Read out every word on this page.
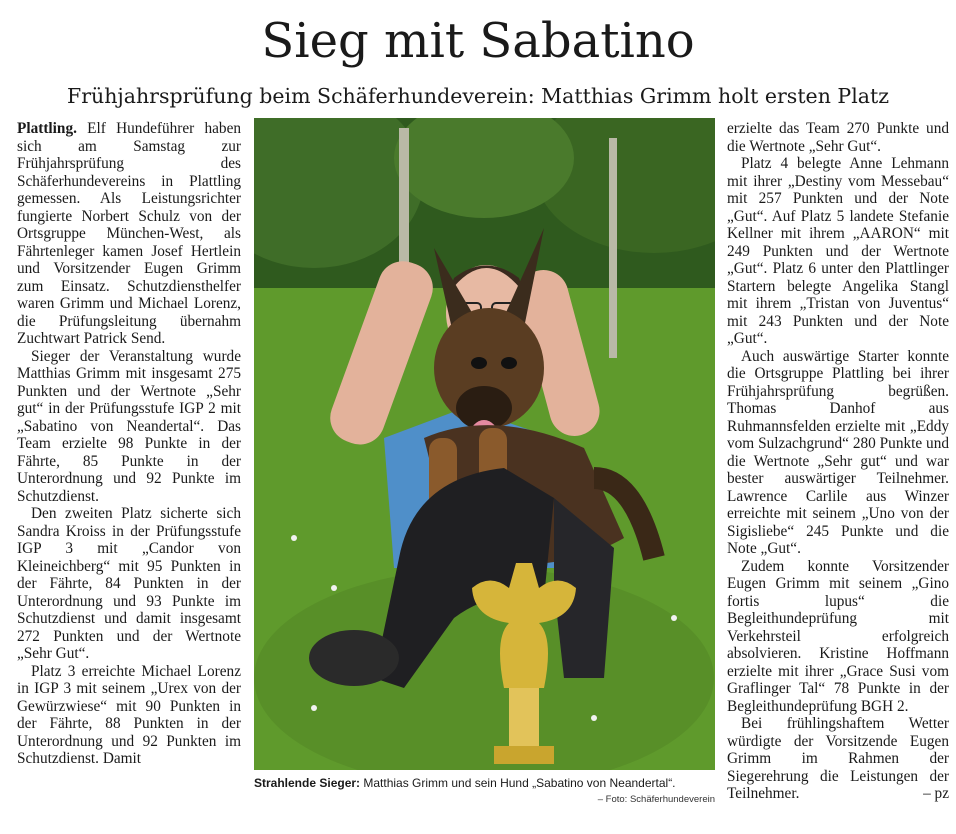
Sieg mit Sabatino
Frühjahrsprüfung beim Schäferhundeverein: Matthias Grimm holt ersten Platz

Plattling. Elf Hundeführer haben sich am Samstag zur Frühjahrsprüfung des Schäferhundevereins in Plattling gemessen. Als Leistungsrichter fungierte Norbert Schulz von der Ortsgruppe München-West, als Fährtenleger kamen Josef Hertlein und Vorsitzender Eugen Grimm zum Einsatz. Schutzdiensthelfer waren Grimm und Michael Lorenz, die Prüfungsleitung übernahm Zuchtwart Patrick Send.

Sieger der Veranstaltung wurde Matthias Grimm mit insgesamt 275 Punkten und der Wertnote „Sehr gut“ in der Prüfungsstufe IGP 2 mit „Sabatino von Neandertal“. Das Team erzielte 98 Punkte in der Fährte, 85 Punkte in der Unterordnung und 92 Punkte im Schutzdienst.

Den zweiten Platz sicherte sich Sandra Kroiss in der Prüfungsstufe IGP 3 mit „Candor von Kleineichberg“ mit 95 Punkten in der Fährte, 84 Punkten in der Unterordnung und 93 Punkte im Schutzdienst und damit insgesamt 272 Punkten und der Wertnote „Sehr Gut“.

Platz 3 erreichte Michael Lorenz in IGP 3 mit seinem „Urex von der Gewürzwiese“ mit 90 Punkten in der Fährte, 88 Punkten in der Unterordnung und 92 Punkten im Schutzdienst. Damit

Strahlende Sieger: Matthias Grimm und sein Hund „Sabatino von Neandertal“.
– Foto: Schäferhundeverein

erzielte das Team 270 Punkte und die Wertnote „Sehr Gut“.

Platz 4 belegte Anne Lehmann mit ihrer „Destiny vom Messebau“ mit 257 Punkten und der Note „Gut“. Auf Platz 5 landete Stefanie Kellner mit ihrem „AARON“ mit 249 Punkten und der Wertnote „Gut“. Platz 6 unter den Plattlinger Startern belegte Angelika Stangl mit ihrem „Tristan von Juventus“ mit 243 Punkten und der Note „Gut“.

Auch auswärtige Starter konnte die Ortsgruppe Plattling bei ihrer Frühjahrsprüfung begrüßen. Thomas Danhof aus Ruhmannsfelden erzielte mit „Eddy vom Sulzachgrund“ 280 Punkte und die Wertnote „Sehr gut“ und war bester auswärtiger Teilnehmer. Lawrence Carlile aus Winzer erreichte mit seinem „Uno von der Sigisliebe“ 245 Punkte und die Note „Gut“.

Zudem konnte Vorsitzender Eugen Grimm mit seinem „Gino fortis lupus“ die Begleithundeprüfung mit Verkehrsteil erfolgreich absolvieren. Kristine Hoffmann erzielte mit ihrer „Grace Susi vom Graflinger Tal“ 78 Punkte in der Begleithundeprüfung BGH 2.

Bei frühlingshaftem Wetter würdigte der Vorsitzende Eugen Grimm im Rahmen der Siegerehrung die Leistungen der Teilnehmer.	– pz
